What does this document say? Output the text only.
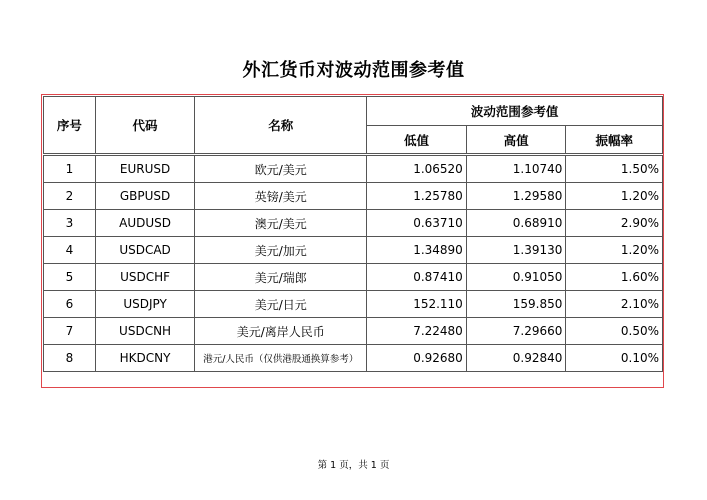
外汇货币对波动范围参考值
序号	代码	名称	波动范围参考值		
			低值	高值	振幅率

1	EURUSD	欧元/美元	1.06520	1.10740	1.50%
2	GBPUSD	英镑/美元	1.25780	1.29580	1.20%
3	AUDUSD	澳元/美元	0.63710	0.68910	2.90%
4	USDCAD	美元/加元	1.34890	1.39130	1.20%
5	USDCHF	美元/瑞郎	0.87410	0.91050	1.60%
6	USDJPY	美元/日元	152.110	159.850	2.10%
7	USDCNH	美元/离岸人民币	7.22480	7.29660	0.50%
8	HKDCNY	港元/人民币（仅供港股通换算参考）	0.92680	0.92840	0.10%
第 1 页，共 1 页
